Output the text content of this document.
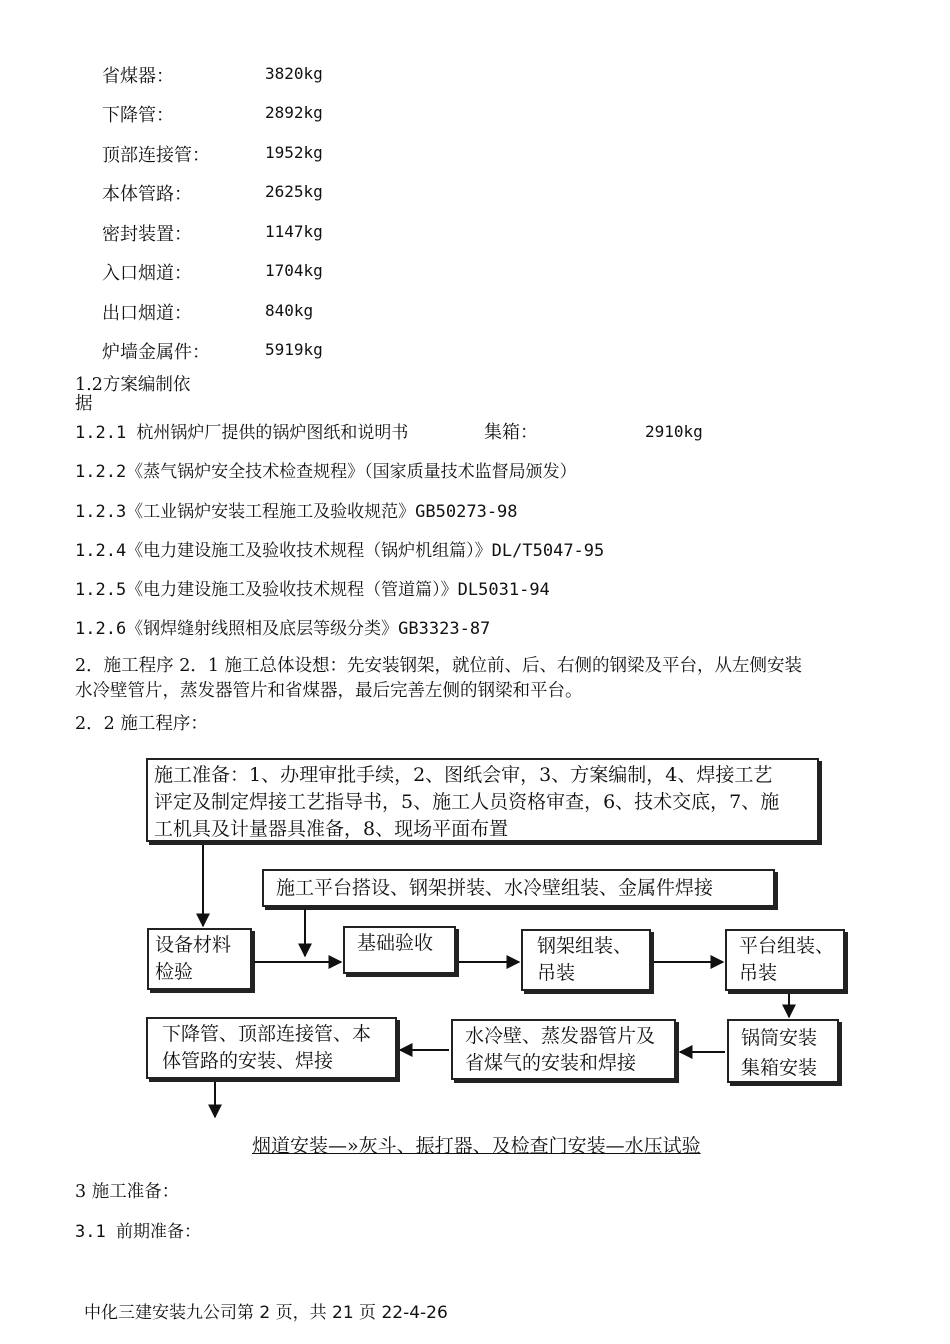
省煤器：	3820kg
下降管：	2892kg
顶部连接管：	1952kg
本体管路：	2625kg
密封装置：	1147kg
入口烟道：	1704kg
出口烟道：	840kg
炉墙金属件：	5919kg
1.2方案编制依
据
1.2.1 杭州锅炉厂提供的锅炉图纸和说明书	集箱：	2910kg
1.2.2《蒸气锅炉安全技术检查规程》（国家质量技术监督局颁发）
1.2.3《工业锅炉安装工程施工及验收规范》GB50273-98
1.2.4《电力建设施工及验收技术规程（锅炉机组篇）》DL/T5047-95
1.2.5《电力建设施工及验收技术规程（管道篇）》DL5031-94
1.2.6《钢焊缝射线照相及底层等级分类》GB3323-87
2．施工程序 2．1 施工总体设想：先安装钢架，就位前、后、右侧的钢梁及平台，从左侧安装
水冷壁管片，蒸发器管片和省煤器，最后完善左侧的钢梁和平台。
2．2 施工程序：
施工准备：1、办理审批手续，2、图纸会审，3、方案编制，4、焊接工艺
评定及制定焊接工艺指导书，5、施工人员资格审查，6、技术交底，7、施
工机具及计量器具准备，8、现场平面布置
施工平台搭设、钢架拼装、水冷壁组装、金属件焊接
设备材料
检验
基础验收	钢架组装、
吊装
平台组装、
吊装
锅筒安装
集箱安装
水冷壁、蒸发器管片及
省煤气的安装和焊接
下降管、顶部连接管、本
体管路的安装、焊接
烟道安装—»灰斗、振打器、及检查门安装—水压试验
3 施工准备：
3.1 前期准备：
中化三建安装九公司第 2 页，共 21 页 22-4-26
